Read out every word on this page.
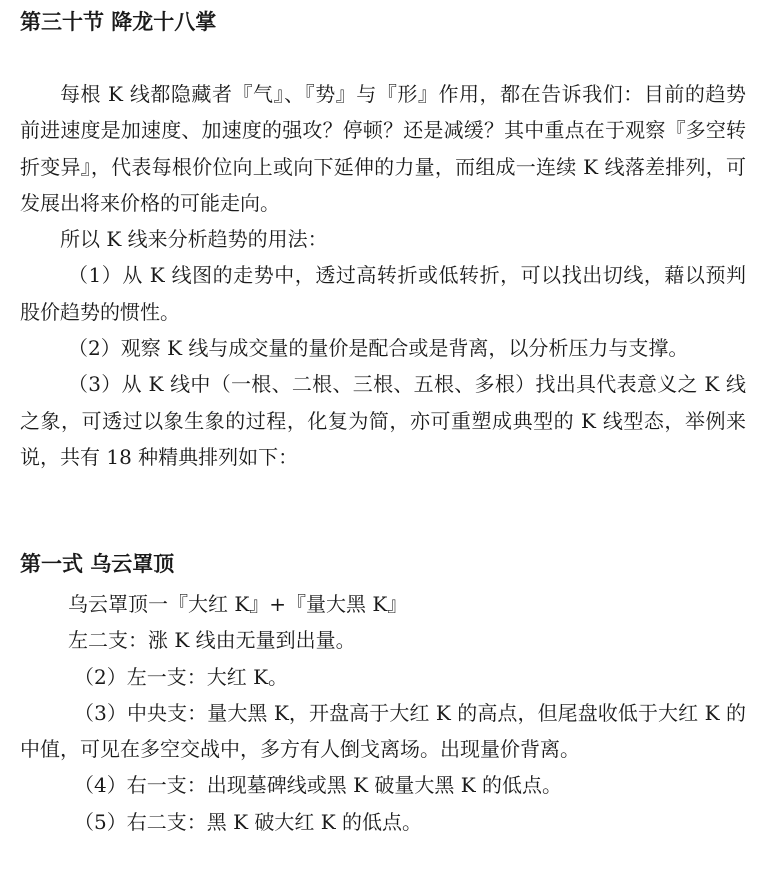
第三十节 降龙十八掌

每根 K 线都隐藏者『气』、『势』与『形』作用，都在告诉我们：目前的趋势前进速度是加速度、加速度的强攻？停顿？还是减缓？其中重点在于观察『多空转折变异』，代表每根价位向上或向下延伸的力量，而组成一连续 K 线落差排列，可发展出将来价格的可能走向。

所以 K 线来分析趋势的用法：

（1）从 K 线图的走势中，透过高转折或低转折，可以找出切线，藉以预判股价趋势的惯性。

（2）观察 K 线与成交量的量价是配合或是背离，以分析压力与支撑。

（3）从 K 线中（一根、二根、三根、五根、多根）找出具代表意义之 K 线之象，可透过以象生象的过程，化复为简，亦可重塑成典型的 K 线型态，举例来说，共有 18 种精典排列如下：

第一式 乌云罩顶

乌云罩顶一『大红 K』+『量大黑 K』

左二支：涨 K 线由无量到出量。

（2）左一支：大红 K。

（3）中央支：量大黑 K，开盘高于大红 K 的高点，但尾盘收低于大红 K 的中值，可见在多空交战中，多方有人倒戈离场。出现量价背离。

（4）右一支：出现墓碑线或黑 K 破量大黑 K 的低点。

（5）右二支：黑 K 破大红 K 的低点。
